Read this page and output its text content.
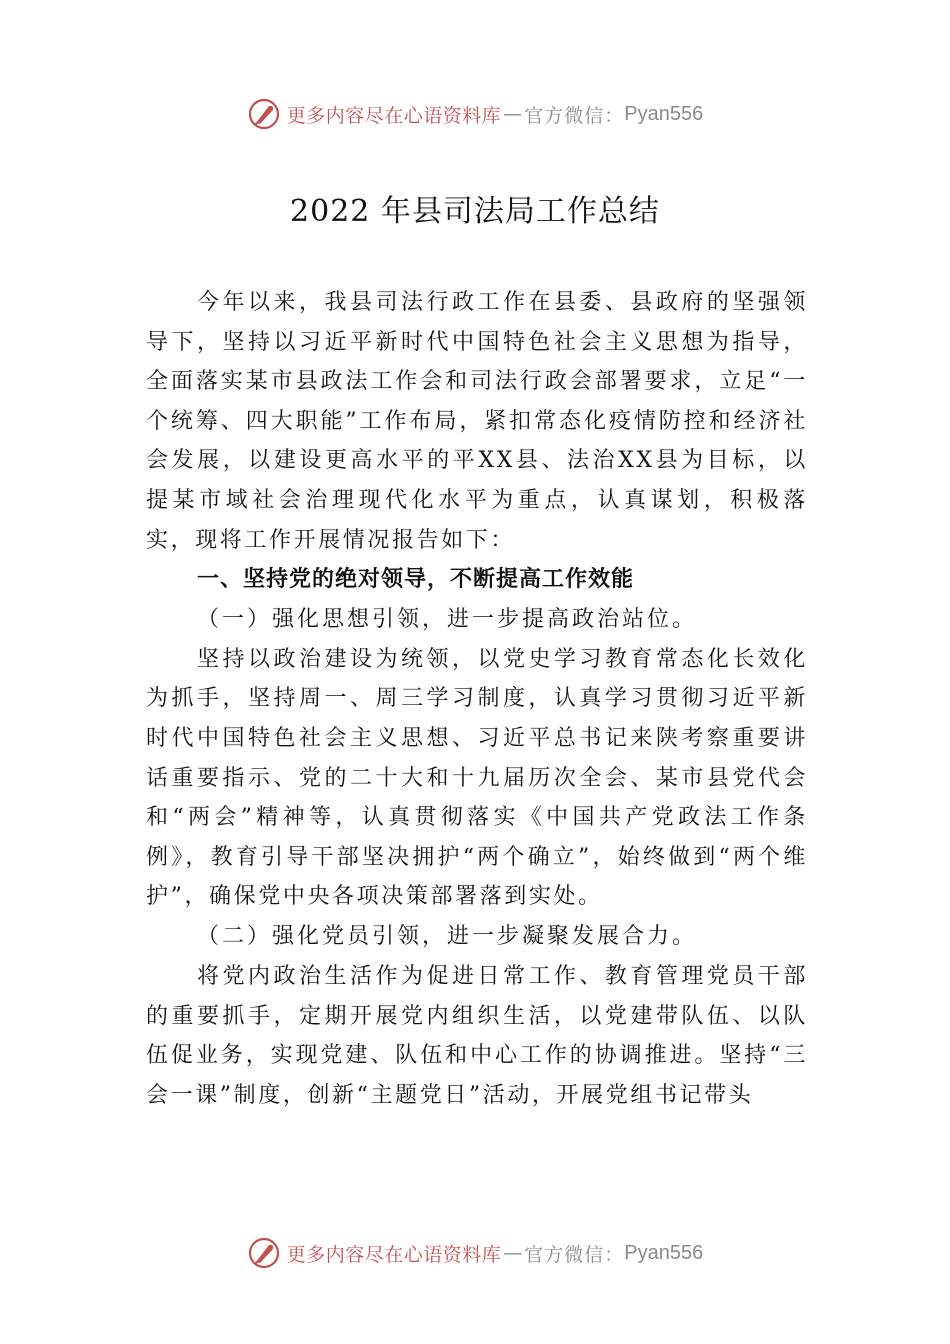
更多内容尽在心语资料库 — 官方微信： Pyan556
2022 年县司法局工作总结

今年以来，我县司法行政工作在县委、县政府的坚强领导下，坚持以习近平新时代中国特色社会主义思想为指导， 全面落实某市县政法工作会和司法行政会部署要求，立足“一个统筹、四大职能”工作布局，紧扣常态化疫情防控和经济社会发展，以建设更高水平的平XX县、法治XX县为目标，以提某市域社会治理现代化水平为重点，认真谋划，积极落实，现将工作开展情况报告如下：

一、坚持党的绝对领导，不断提高工作效能

（一）强化思想引领，进一步提高政治站位。

坚持以政治建设为统领，以党史学习教育常态化长效化为抓手，坚持周一、周三学习制度，认真学习贯彻习近平新时代中国特色社会主义思想、习近平总书记来陕考察重要讲话重要指示、党的二十大和十九届历次全会、某市县党代会和“两会”精神等，认真贯彻落实《中国共产党政法工作条例》，教育引导干部坚决拥护“两个确立”，始终做到“两个维护”，确保党中央各项决策部署落到实处。

（二）强化党员引领，进一步凝聚发展合力。

将党内政治生活作为促进日常工作、教育管理党员干部的重要抓手，定期开展党内组织生活，以党建带队伍、以队伍促业务，实现党建、队伍和中心工作的协调推进。坚持“三会一课”制度，创新“主题党日”活动，开展党组书记带头

更多内容尽在心语资料库 — 官方微信： Pyan556
